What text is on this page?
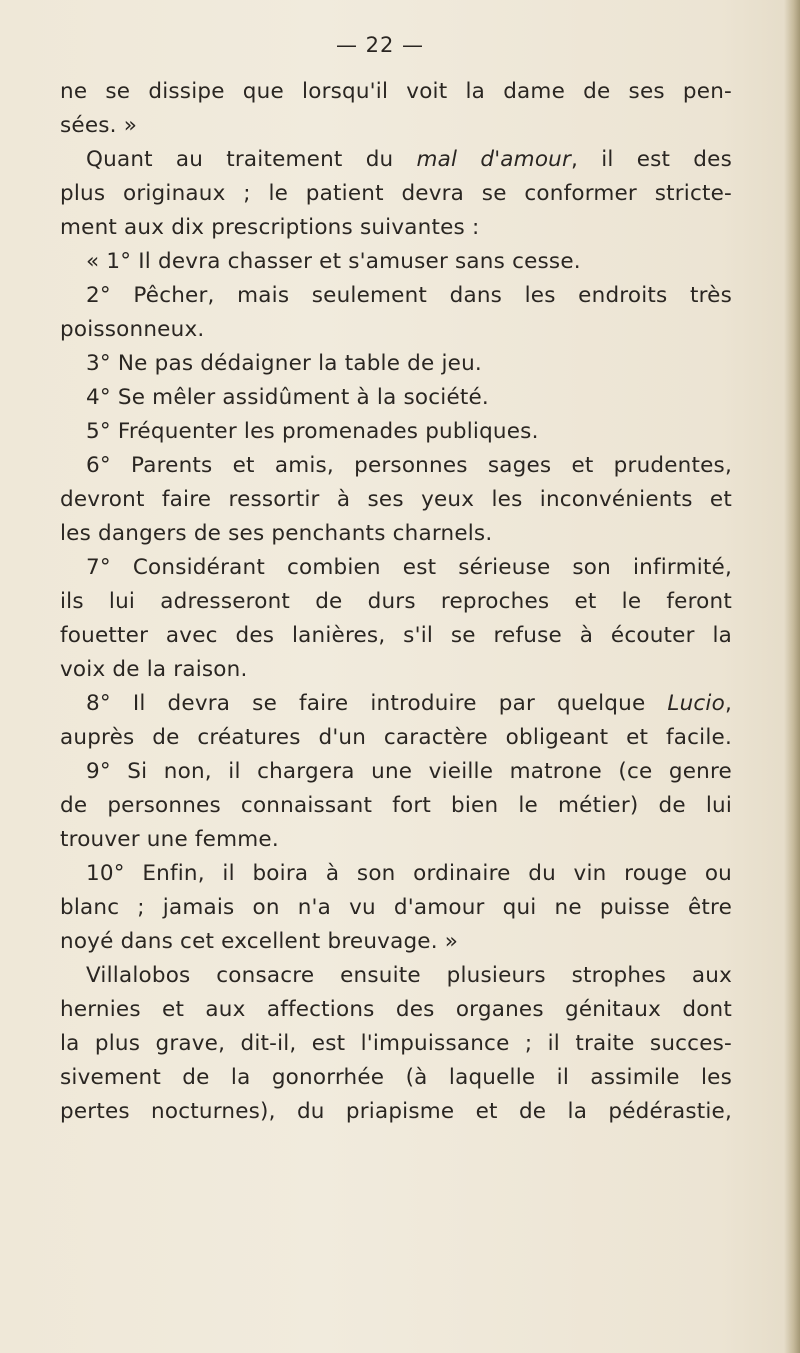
— 22 —
ne se dissipe que lorsqu'il voit la dame de ses pen-
sées. »
Quant au traitement du mal d'amour, il est des
plus originaux ; le patient devra se conformer stricte-
ment aux dix prescriptions suivantes :
« 1° Il devra chasser et s'amuser sans cesse.
2° Pêcher, mais seulement dans les endroits très
poissonneux.
3° Ne pas dédaigner la table de jeu.
4° Se mêler assidûment à la société.
5° Fréquenter les promenades publiques.
6° Parents et amis, personnes sages et prudentes,
devront faire ressortir à ses yeux les inconvénients et
les dangers de ses penchants charnels.
7° Considérant combien est sérieuse son infirmité,
ils lui adresseront de durs reproches et le feront
fouetter avec des lanières, s'il se refuse à écouter la
voix de la raison.
8° Il devra se faire introduire par quelque Lucio,
auprès de créatures d'un caractère obligeant et facile.
9° Si non, il chargera une vieille matrone (ce genre
de personnes connaissant fort bien le métier) de lui
trouver une femme.
10° Enfin, il boira à son ordinaire du vin rouge ou
blanc ; jamais on n'a vu d'amour qui ne puisse être
noyé dans cet excellent breuvage. »
Villalobos consacre ensuite plusieurs strophes aux
hernies et aux affections des organes génitaux dont
la plus grave, dit-il, est l'impuissance ; il traite succes-
sivement de la gonorrhée (à laquelle il assimile les
pertes nocturnes), du priapisme et de la pédérastie,
